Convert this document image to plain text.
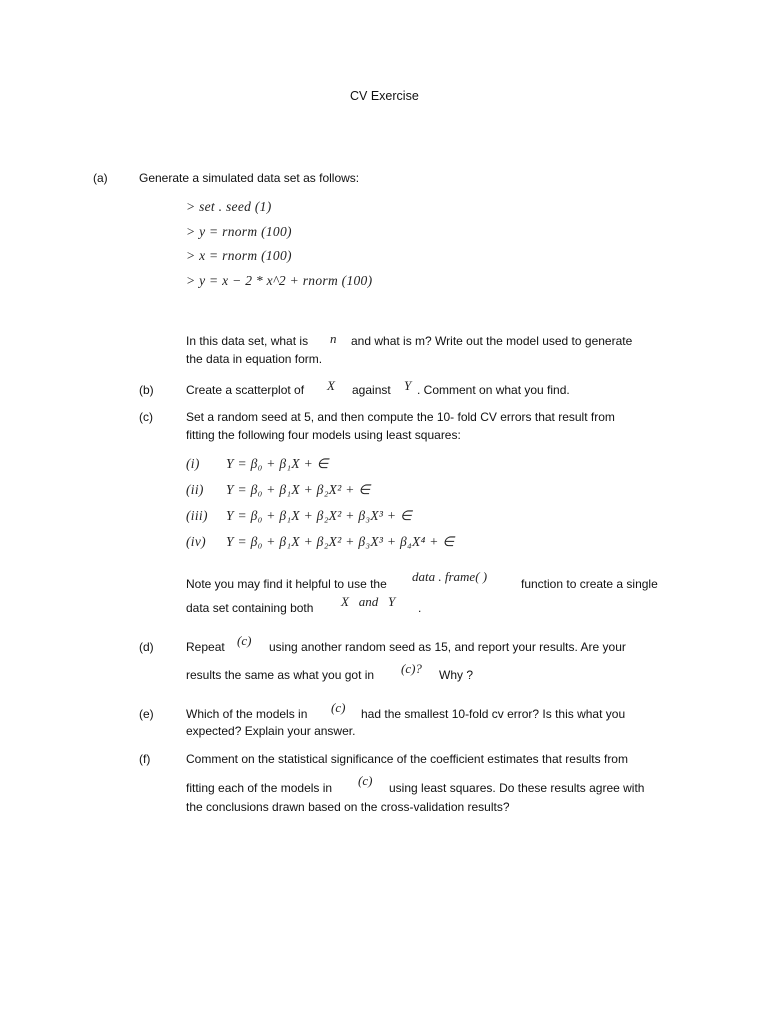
CV Exercise
(a)	Generate a simulated data set as follows:
> set . seed (1)
> y = rnorm (100)
> x = rnorm (100)
> y = x − 2 * x^2 + rnorm (100)
In this data set, what is n and what is m? Write out the model used to generate
the data in equation form.
(b)	Create a scatterplot of X against Y . Comment on what you find.
(c)	Set a random seed at 5, and then compute the 10- fold CV errors that result from
fitting the following four models using least squares:
(i) Y = β₀ + β₁X + ∈
(ii) Y = β₀ + β₁X + β₂X² + ∈
(iii) Y = β₀ + β₁X + β₂X² + β₃X³ + ∈
(iv) Y = β₀ + β₁X + β₂X² + β₃X³ + β₄X⁴ + ∈
Note you may find it helpful to use the data . frame( )	function to create a single
data set containing both X   and   Y .
(d)	Repeat (c) using another random seed as 15, and report your results. Are your
results the same as what you got in (c)? Why ?
(e)	Which of the models in (c) had the smallest 10-fold cv error? Is this what you
expected? Explain your answer.
(f)	Comment on the statistical significance of the coefficient estimates that results from
fitting each of the models in (c) using least squares. Do these results agree with
the conclusions drawn based on the cross-validation results?
